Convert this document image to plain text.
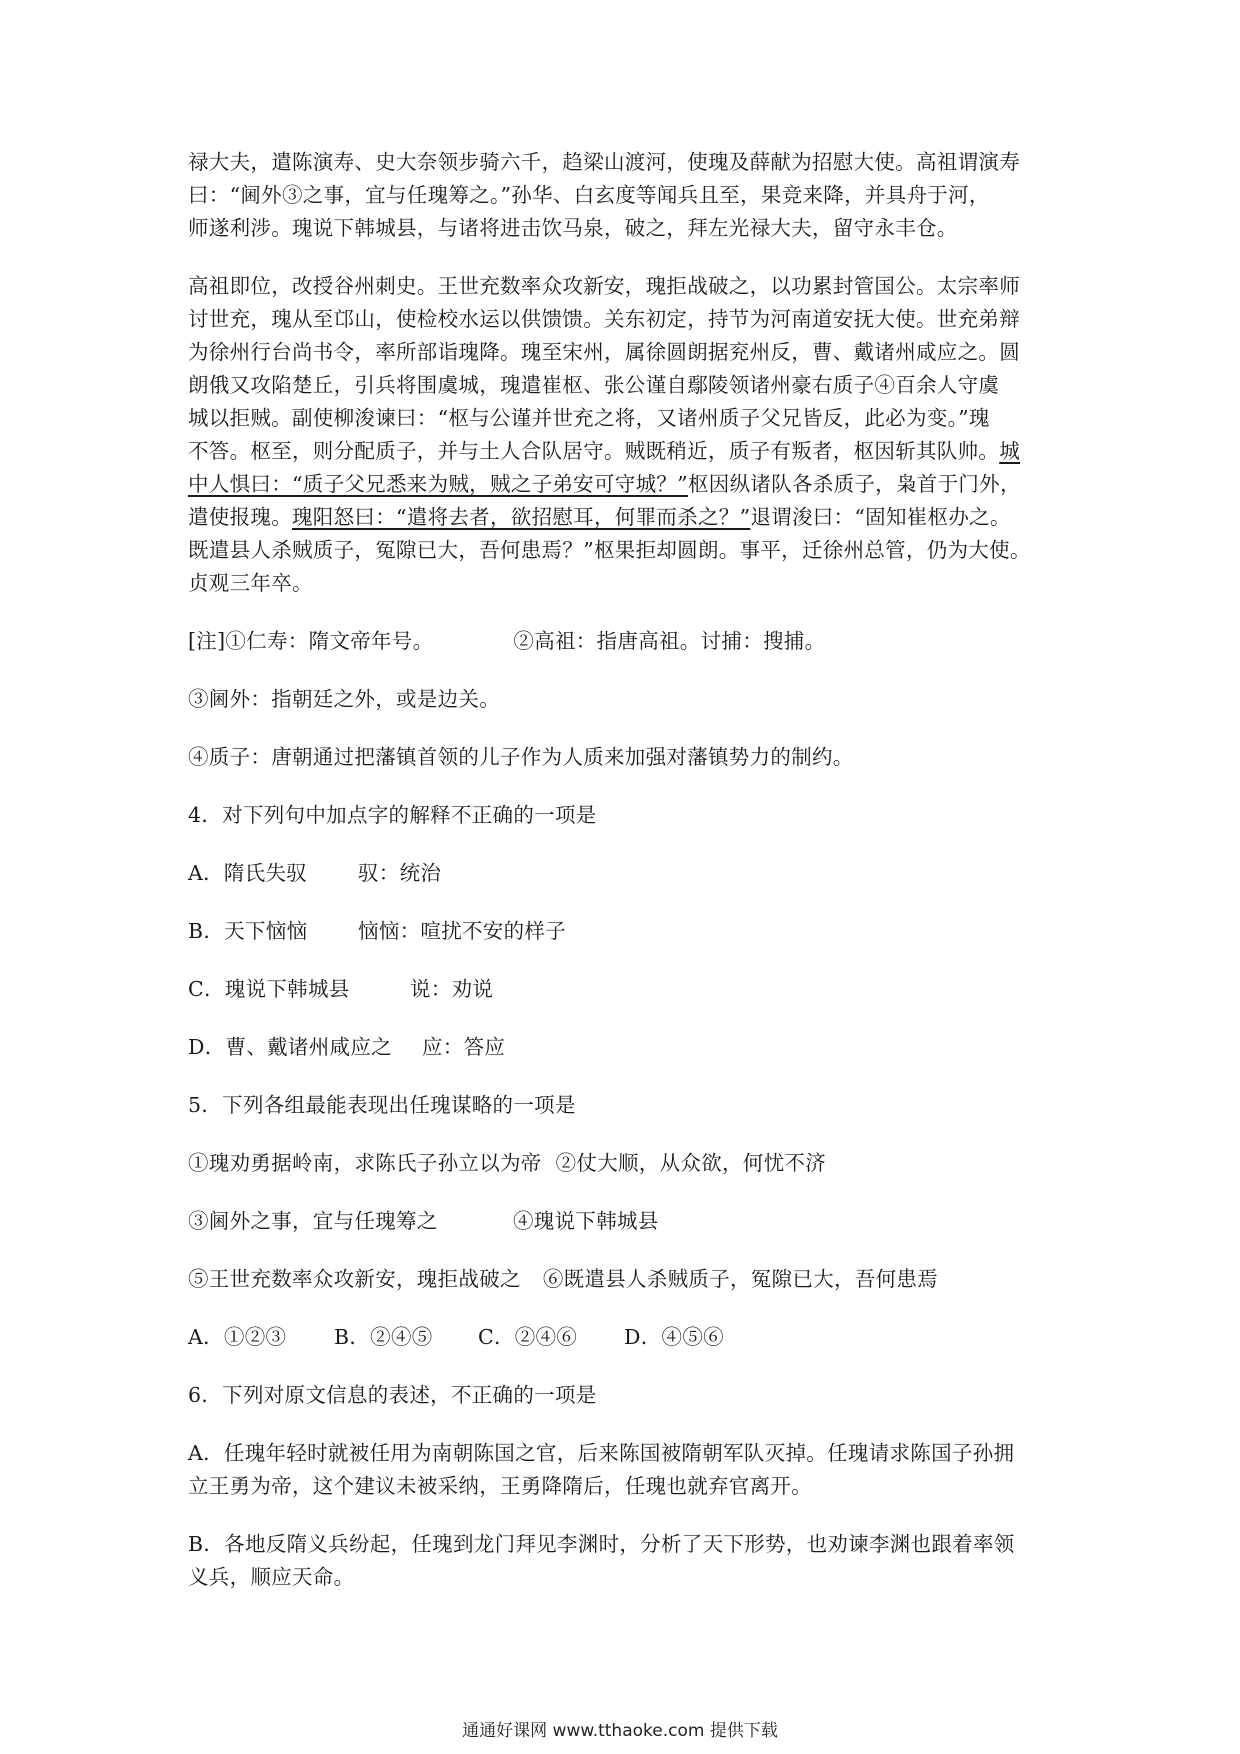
禄大夫，遣陈演寿、史大奈领步骑六千，趋梁山渡河，使瑰及薛献为招慰大使。高祖谓演寿
曰：“阃外③之事，宜与任瑰筹之。”孙华、白玄度等闻兵且至，果竞来降，并具舟于河，
师遂利涉。瑰说下韩城县，与诸将进击饮马泉，破之，拜左光禄大夫，留守永丰仓。

高祖即位，改授谷州刺史。王世充数率众攻新安，瑰拒战破之，以功累封管国公。太宗率师
讨世充，瑰从至邙山，使检校水运以供馈馈。关东初定，持节为河南道安抚大使。世充弟辩
为徐州行台尚书令，率所部诣瑰降。瑰至宋州，属徐圆朗据兖州反，曹、戴诸州咸应之。圆
朗俄又攻陷楚丘，引兵将围虞城，瑰遣崔枢、张公谨自鄢陵领诸州豪右质子④百余人守虞
城以拒贼。副使柳浚谏曰：“枢与公谨并世充之将，又诸州质子父兄皆反，此必为变。”瑰
不答。枢至，则分配质子，并与土人合队居守。贼既稍近，质子有叛者，枢因斩其队帅。城
中人惧曰：“质子父兄悉来为贼，贼之子弟安可守城？”枢因纵诸队各杀质子，枭首于门外，
遣使报瑰。瑰阳怒曰：“遣将去者，欲招慰耳，何罪而杀之？”退谓浚曰：“固知崔枢办之。
既遣县人杀贼质子，冤隙已大，吾何患焉？”枢果拒却圆朗。事平，迁徐州总管，仍为大使。
贞观三年卒。

[注]①仁寿：隋文帝年号。	②高祖：指唐高祖。讨捕：搜捕。

③阃外：指朝廷之外，或是边关。

④质子：唐朝通过把藩镇首领的儿子作为人质来加强对藩镇势力的制约。

4．对下列句中加点字的解释不正确的一项是

A．隋氏失驭 驭：统治

B．天下恼恼 恼恼：喧扰不安的样子

C．瑰说下韩城县	说：劝说

D．曹、戴诸州咸应之 应：答应

5．下列各组最能表现出任瑰谋略的一项是

①瑰劝勇据岭南，求陈氏子孙立以为帝 ②仗大顺，从众欲，何忧不济

③阃外之事，宜与任瑰筹之	④瑰说下韩城县

⑤王世充数率众攻新安，瑰拒战破之 ⑥既遣县人杀贼质子，冤隙已大，吾何患焉

A．①②③ B．②④⑤ C．②④⑥ D．④⑤⑥

6．下列对原文信息的表述，不正确的一项是

A．任瑰年轻时就被任用为南朝陈国之官，后来陈国被隋朝军队灭掉。任瑰请求陈国子孙拥
立王勇为帝，这个建议未被采纳，王勇降隋后，任瑰也就弃官离开。

B．各地反隋义兵纷起，任瑰到龙门拜见李渊时，分析了天下形势，也劝谏李渊也跟着率领
义兵，顺应天命。

通通好课网 www.tthaoke.com 提供下载
